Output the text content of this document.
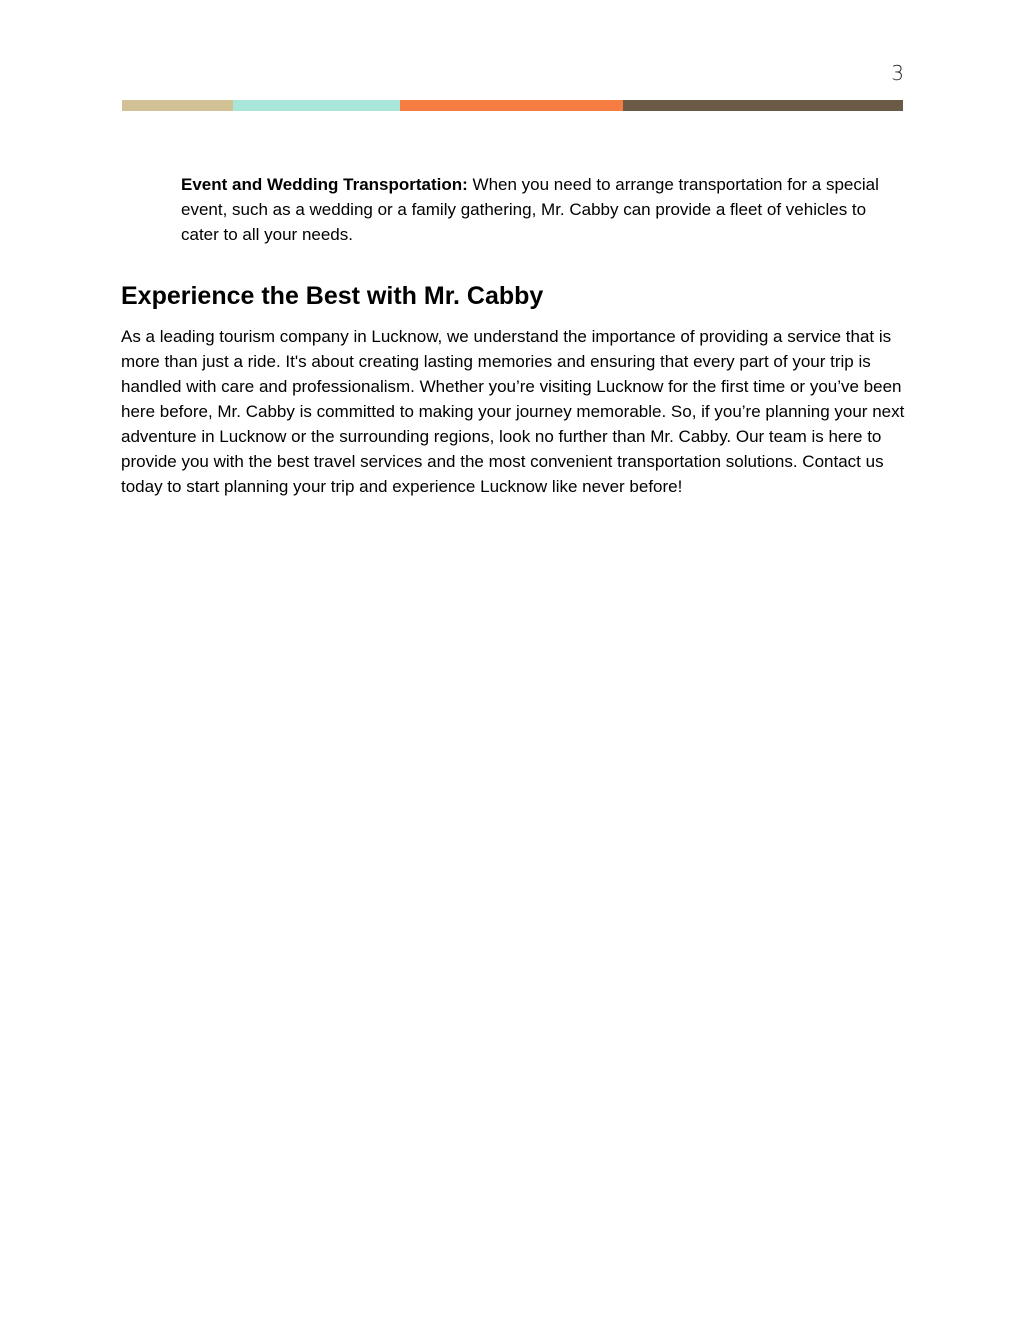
3

Event and Wedding Transportation: When you need to arrange transportation for a special event, such as a wedding or a family gathering, Mr. Cabby can provide a fleet of vehicles to cater to all your needs.

Experience the Best with Mr. Cabby

As a leading tourism company in Lucknow, we understand the importance of providing a service that is more than just a ride. It's about creating lasting memories and ensuring that every part of your trip is handled with care and professionalism. Whether you’re visiting Lucknow for the first time or you’ve been here before, Mr. Cabby is committed to making your journey memorable. So, if you’re planning your next adventure in Lucknow or the surrounding regions, look no further than Mr. Cabby. Our team is here to provide you with the best travel services and the most convenient transportation solutions. Contact us today to start planning your trip and experience Lucknow like never before!
